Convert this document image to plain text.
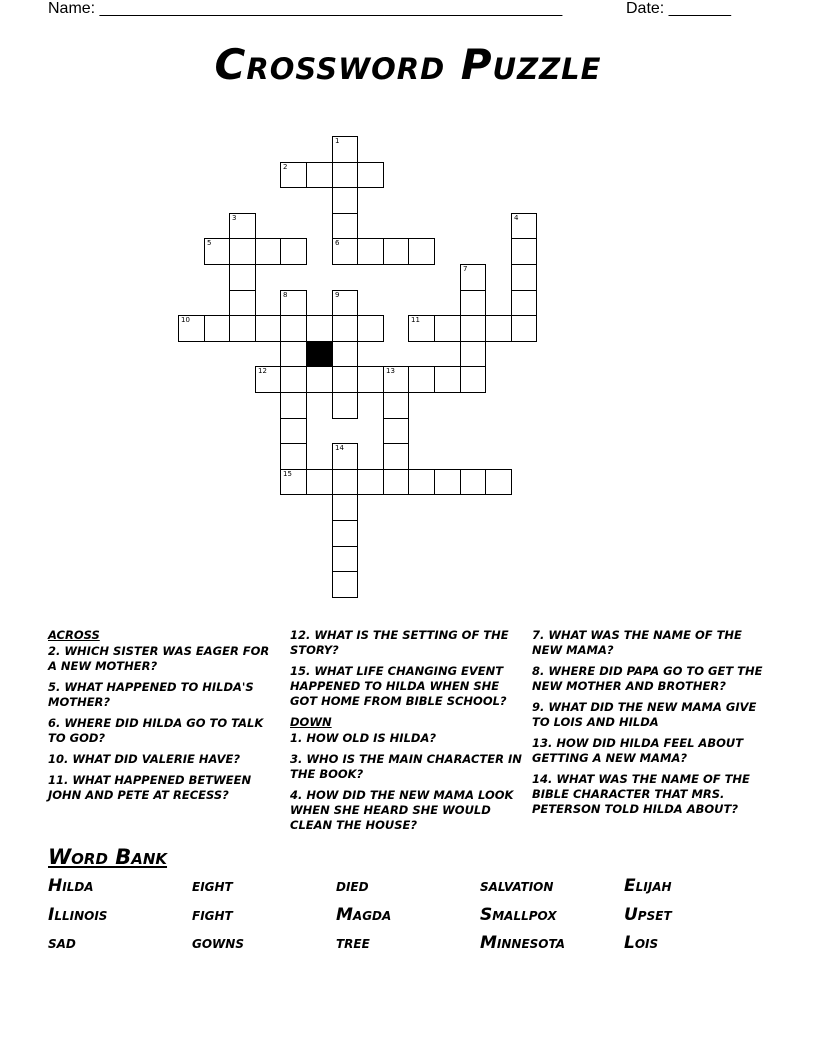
Name: ____________________________________________________	Date: _______
Crossword Puzzle
1
6
3	4
7
8
15
9
13
14
2
5
10	11
12
ACROSS
2. WHICH SISTER WAS EAGER FOR A NEW MOTHER?
5. WHAT HAPPENED TO HILDA'S MOTHER?
6. WHERE DID HILDA GO TO TALK TO GOD?
10. WHAT DID VALERIE HAVE?
11. WHAT HAPPENED BETWEEN JOHN AND PETE AT RECESS?
12. WHAT IS THE SETTING OF THE STORY?
15. WHAT LIFE CHANGING EVENT HAPPENED TO HILDA WHEN SHE GOT HOME FROM BIBLE SCHOOL?
DOWN
1. HOW OLD IS HILDA?
3. WHO IS THE MAIN CHARACTER IN THE BOOK?
4. HOW DID THE NEW MAMA LOOK WHEN SHE HEARD SHE WOULD CLEAN THE HOUSE?
7. WHAT WAS THE NAME OF THE NEW MAMA?
8. WHERE DID PAPA GO TO GET THE NEW MOTHER AND BROTHER?
9. WHAT DID THE NEW MAMA GIVE TO LOIS AND HILDA
13. HOW DID HILDA FEEL ABOUT GETTING A NEW MAMA?
14. WHAT WAS THE NAME OF THE BIBLE CHARACTER THAT MRS. PETERSON TOLD HILDA ABOUT?
Word Bank
Hilda	eight	died	salvation	Elijah
Illinois	fight	Magda	Smallpox	Upset
sad	gowns	tree	Minnesota	Lois
